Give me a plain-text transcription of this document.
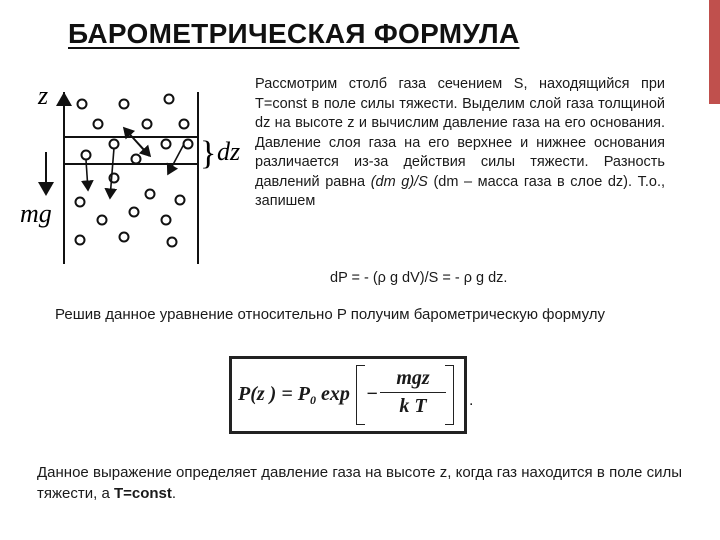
БАРОМЕТРИЧЕСКАЯ ФОРМУЛА
z
mg
} dz
Рассмотрим столб газа сечением S, находящийся при T=const в поле силы тяжести. Выделим слой газа толщиной dz на высоте z и вычислим давление газа на его основания. Давление слоя газа на его верхнее и нижнее основания различается из-за действия силы тяжести. Разность давлений равна (dm g)/S (dm – масса газа в слое dz). Т.о., запишем
dP = ‑ (ρ g dV)/S = ‑ ρ g dz.
Решив данное уравнение относительно P получим барометрическую формулу
P(z ) = $P_0$ exp −
mgz
k T	.
Данное выражение определяет давление газа на высоте z, когда газ находится в поле силы тяжести, а T=const.
